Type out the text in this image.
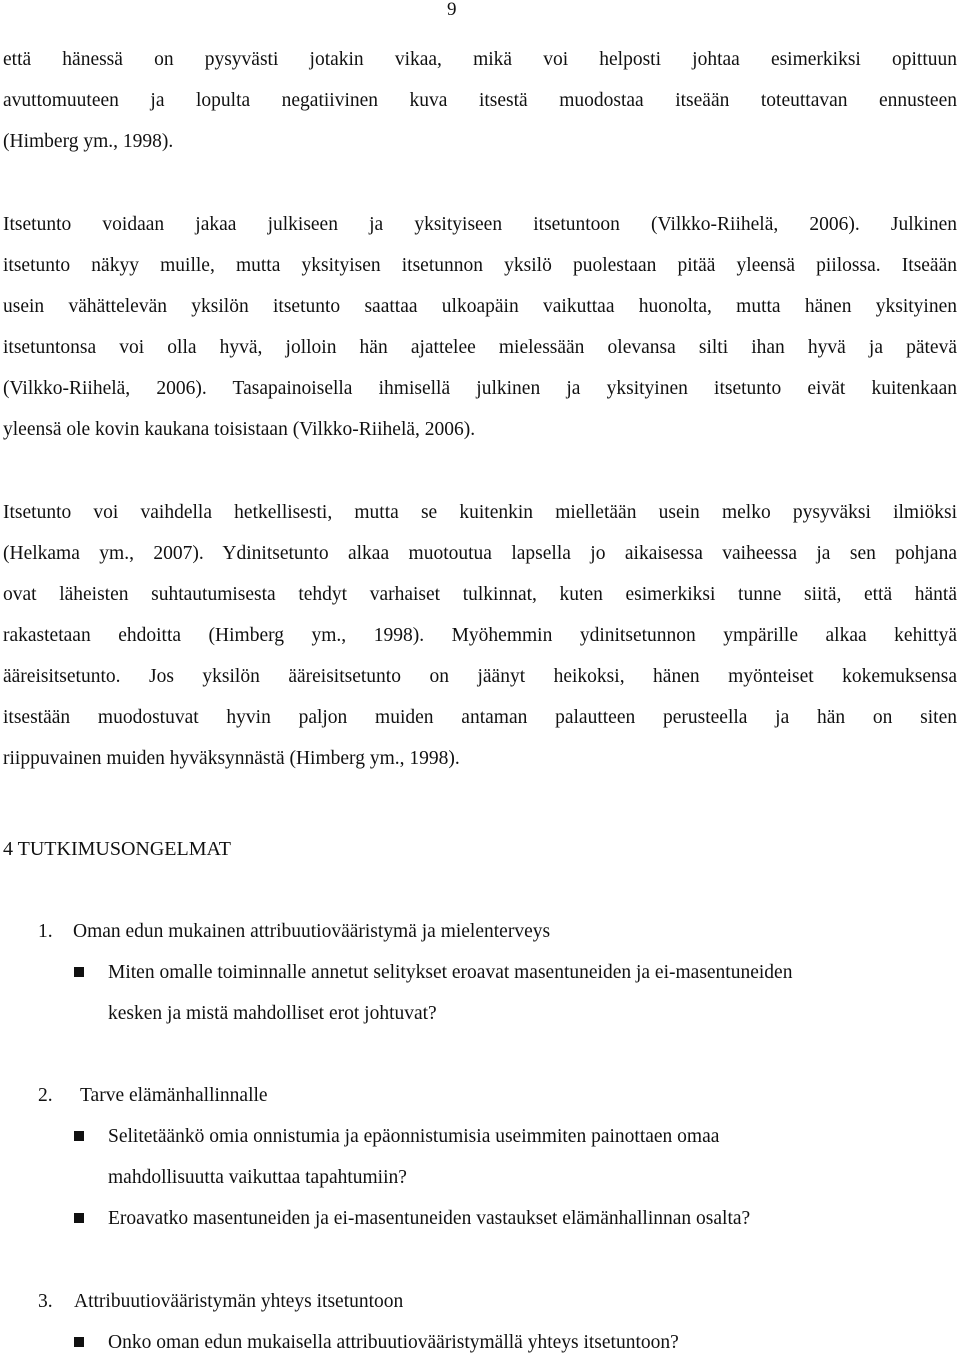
9
että hänessä on pysyvästi jotakin vikaa, mikä voi helposti johtaa esimerkiksi opittuun
avuttomuuteen ja lopulta negatiivinen kuva itsestä muodostaa itseään toteuttavan ennusteen
(Himberg ym., 1998).
Itsetunto voidaan jakaa julkiseen ja yksityiseen itsetuntoon (Vilkko-Riihelä, 2006). Julkinen
itsetunto näkyy muille, mutta yksityisen itsetunnon yksilö puolestaan pitää yleensä piilossa. Itseään
usein vähättelevän yksilön itsetunto saattaa ulkoapäin vaikuttaa huonolta, mutta hänen yksityinen
itsetuntonsa voi olla hyvä, jolloin hän ajattelee mielessään olevansa silti ihan hyvä ja pätevä
(Vilkko-Riihelä, 2006). Tasapainoisella ihmisellä julkinen ja yksityinen itsetunto eivät kuitenkaan
yleensä ole kovin kaukana toisistaan (Vilkko-Riihelä, 2006).
Itsetunto voi vaihdella hetkellisesti, mutta se kuitenkin mielletään usein melko pysyväksi ilmiöksi
(Helkama ym., 2007). Ydinitsetunto alkaa muotoutua lapsella jo aikaisessa vaiheessa ja sen pohjana
ovat läheisten suhtautumisesta tehdyt varhaiset tulkinnat, kuten esimerkiksi tunne siitä, että häntä
rakastetaan ehdoitta (Himberg ym., 1998). Myöhemmin ydinitsetunnon ympärille alkaa kehittyä
ääreisitsetunto. Jos yksilön ääreisitsetunto on jäänyt heikoksi, hänen myönteiset kokemuksensa
itsestään muodostuvat hyvin paljon muiden antaman palautteen perusteella ja hän on siten
riippuvainen muiden hyväksynnästä (Himberg ym., 1998).
4 TUTKIMUSONGELMAT
1. Oman edun mukainen attribuutiovääristymä ja mielenterveys
Miten omalle toiminnalle annetut selitykset eroavat masentuneiden ja ei-masentuneiden
kesken ja mistä mahdolliset erot johtuvat?
2. Tarve elämänhallinnalle
Selitetäänkö omia onnistumia ja epäonnistumisia useimmiten painottaen omaa
mahdollisuutta vaikuttaa tapahtumiin?
Eroavatko masentuneiden ja ei-masentuneiden vastaukset elämänhallinnan osalta?
3. Attribuutiovääristymän yhteys itsetuntoon
Onko oman edun mukaisella attribuutiovääristymällä yhteys itsetuntoon?
